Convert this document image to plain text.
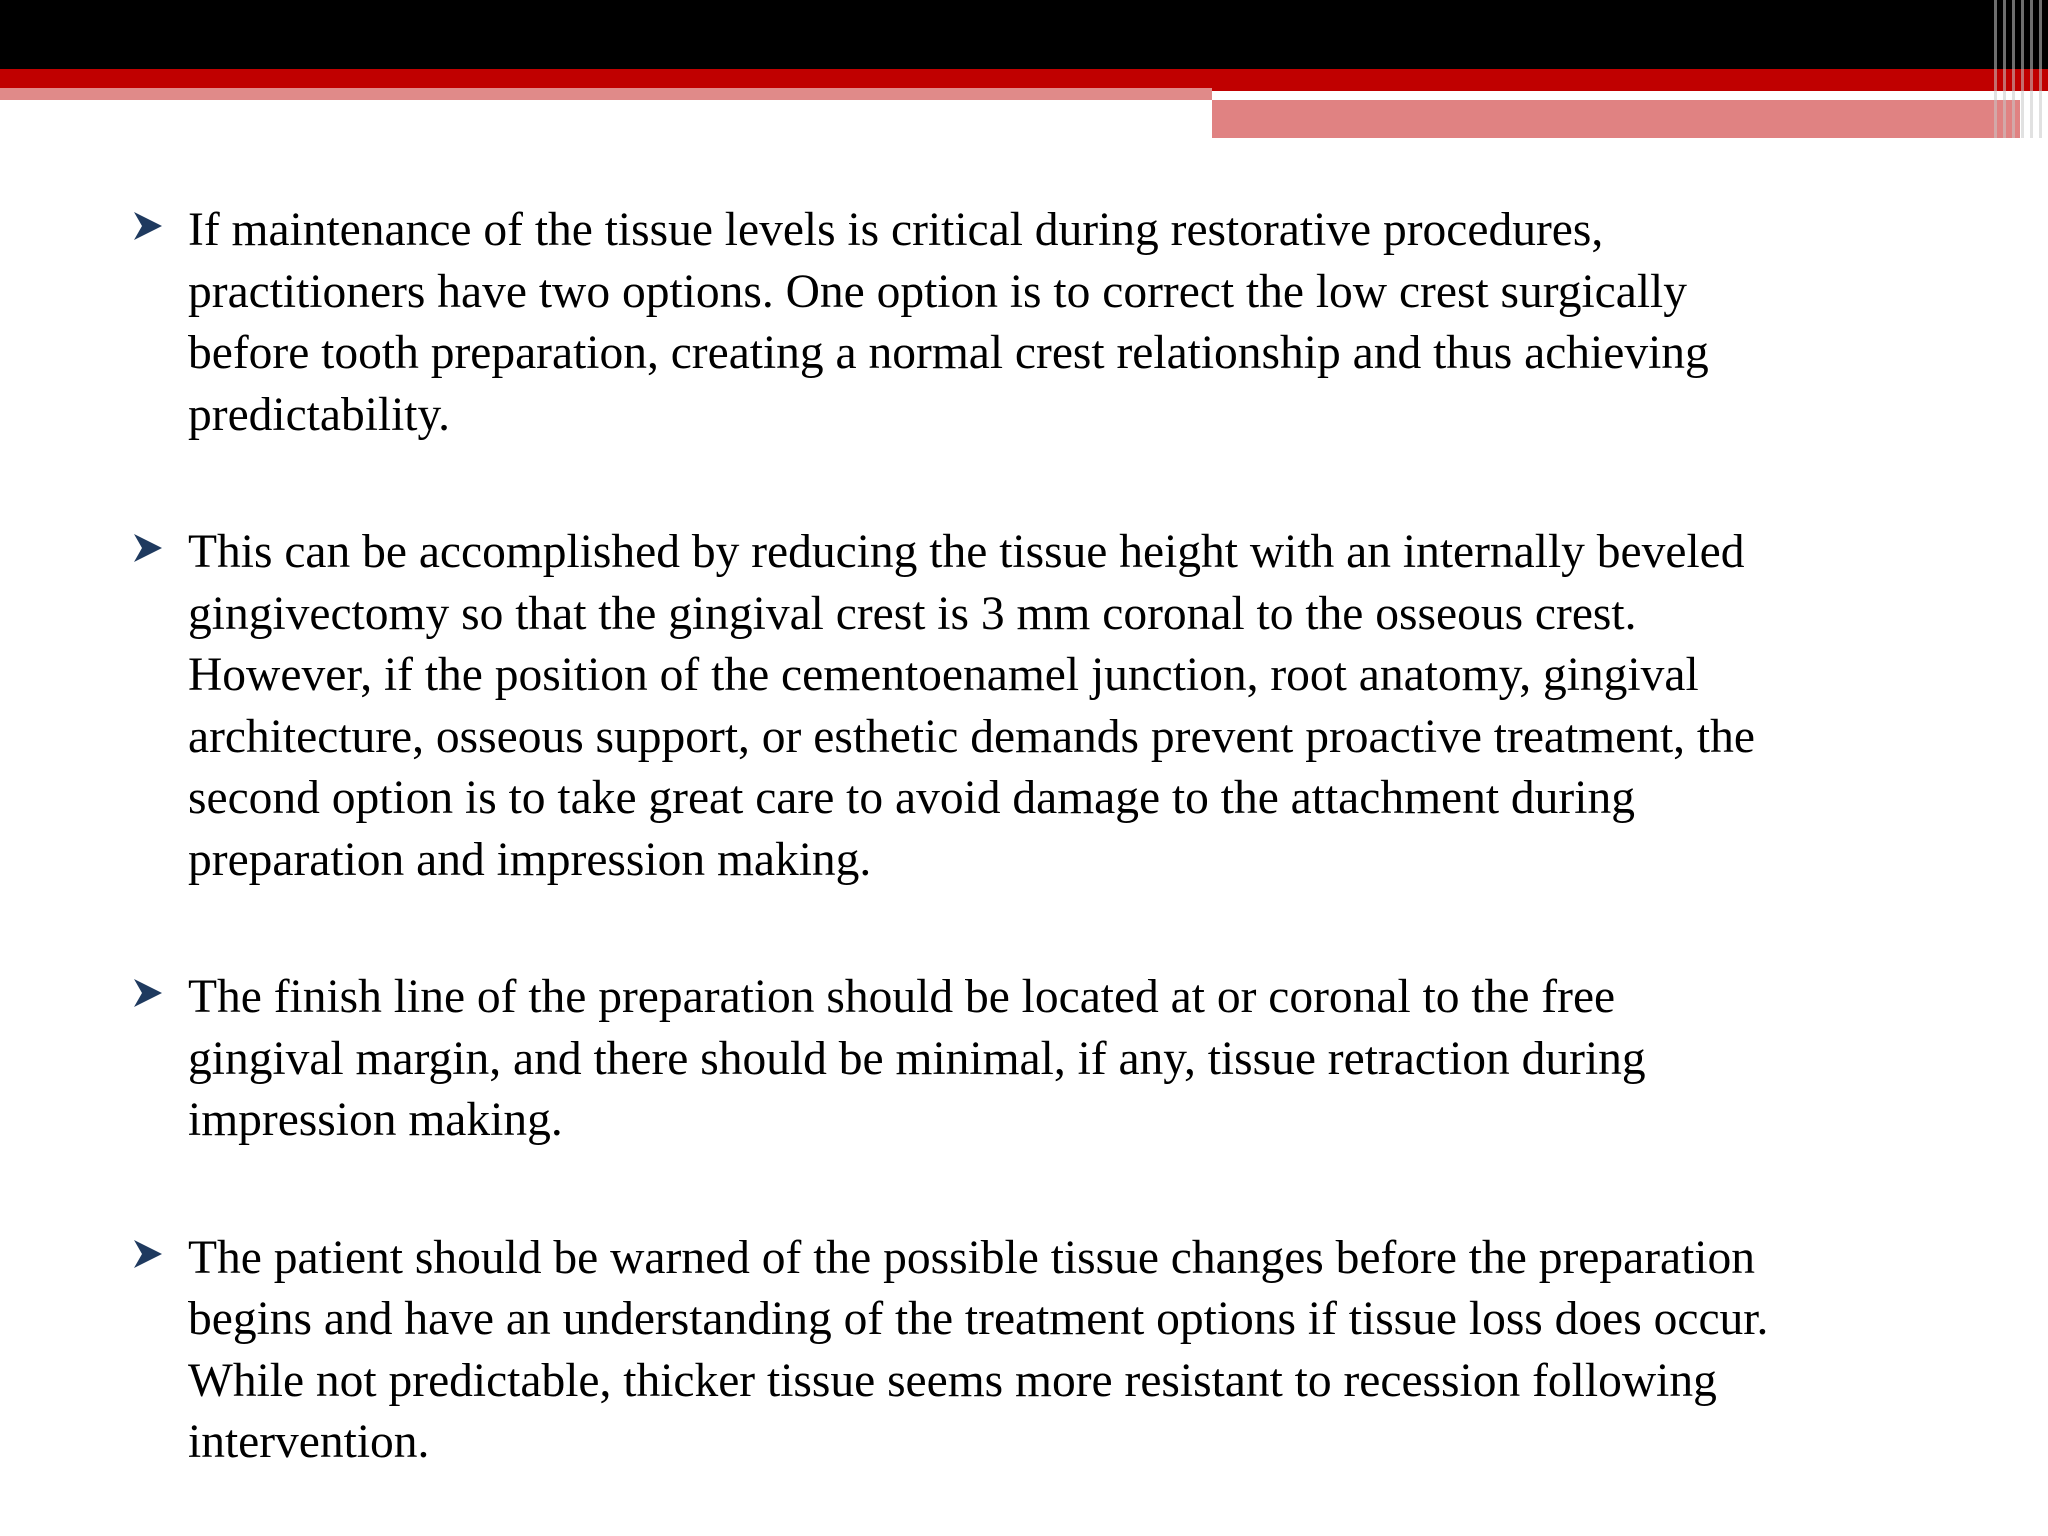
If maintenance of the tissue levels is critical during restorative procedures,
practitioners have two options. One option is to correct the low crest surgically
before tooth preparation, creating a normal crest relationship and thus achieving
predictability.

This can be accomplished by reducing the tissue height with an internally beveled
gingivectomy so that the gingival crest is 3 mm coronal to the osseous crest.
However, if the position of the cementoenamel junction, root anatomy, gingival
architecture, osseous support, or esthetic demands prevent proactive treatment, the
second option is to take great care to avoid damage to the attachment during
preparation and impression making.

The finish line of the preparation should be located at or coronal to the free
gingival margin, and there should be minimal, if any, tissue retraction during
impression making.

The patient should be warned of the possible tissue changes before the preparation
begins and have an understanding of the treatment options if tissue loss does occur.
While not predictable, thicker tissue seems more resistant to recession following
intervention.
